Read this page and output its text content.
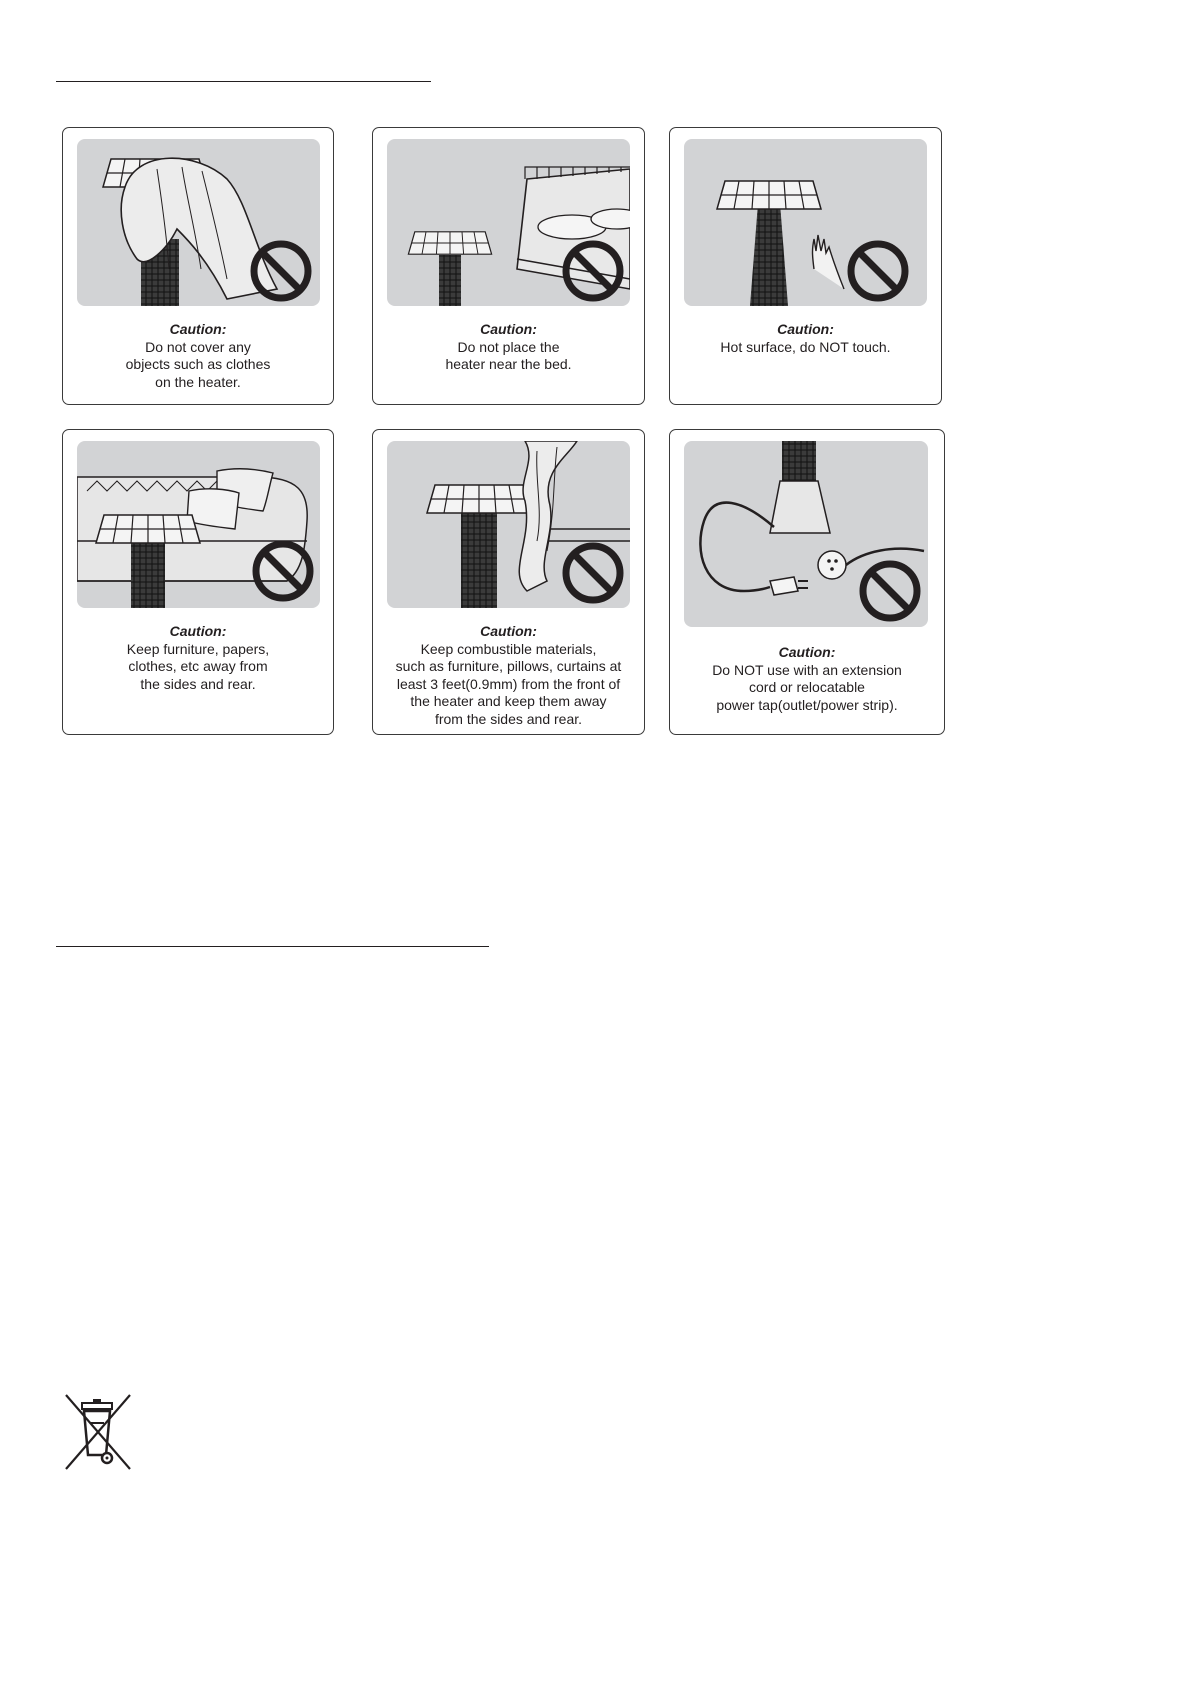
Caution:
Do not cover any
objects such as clothes
on the heater.
Caution:
Do not place the
heater near the bed.
Caution:
Hot surface, do NOT touch.
Caution:
Keep furniture, papers,
clothes, etc away from
the sides and rear.
Caution:
Keep combustible materials,
such as furniture, pillows, curtains at
least 3 feet(0.9mm) from the front of
the heater and keep them away
from the sides and rear.
Caution:
Do NOT use with an extension
cord or relocatable
power tap(outlet/power strip).
